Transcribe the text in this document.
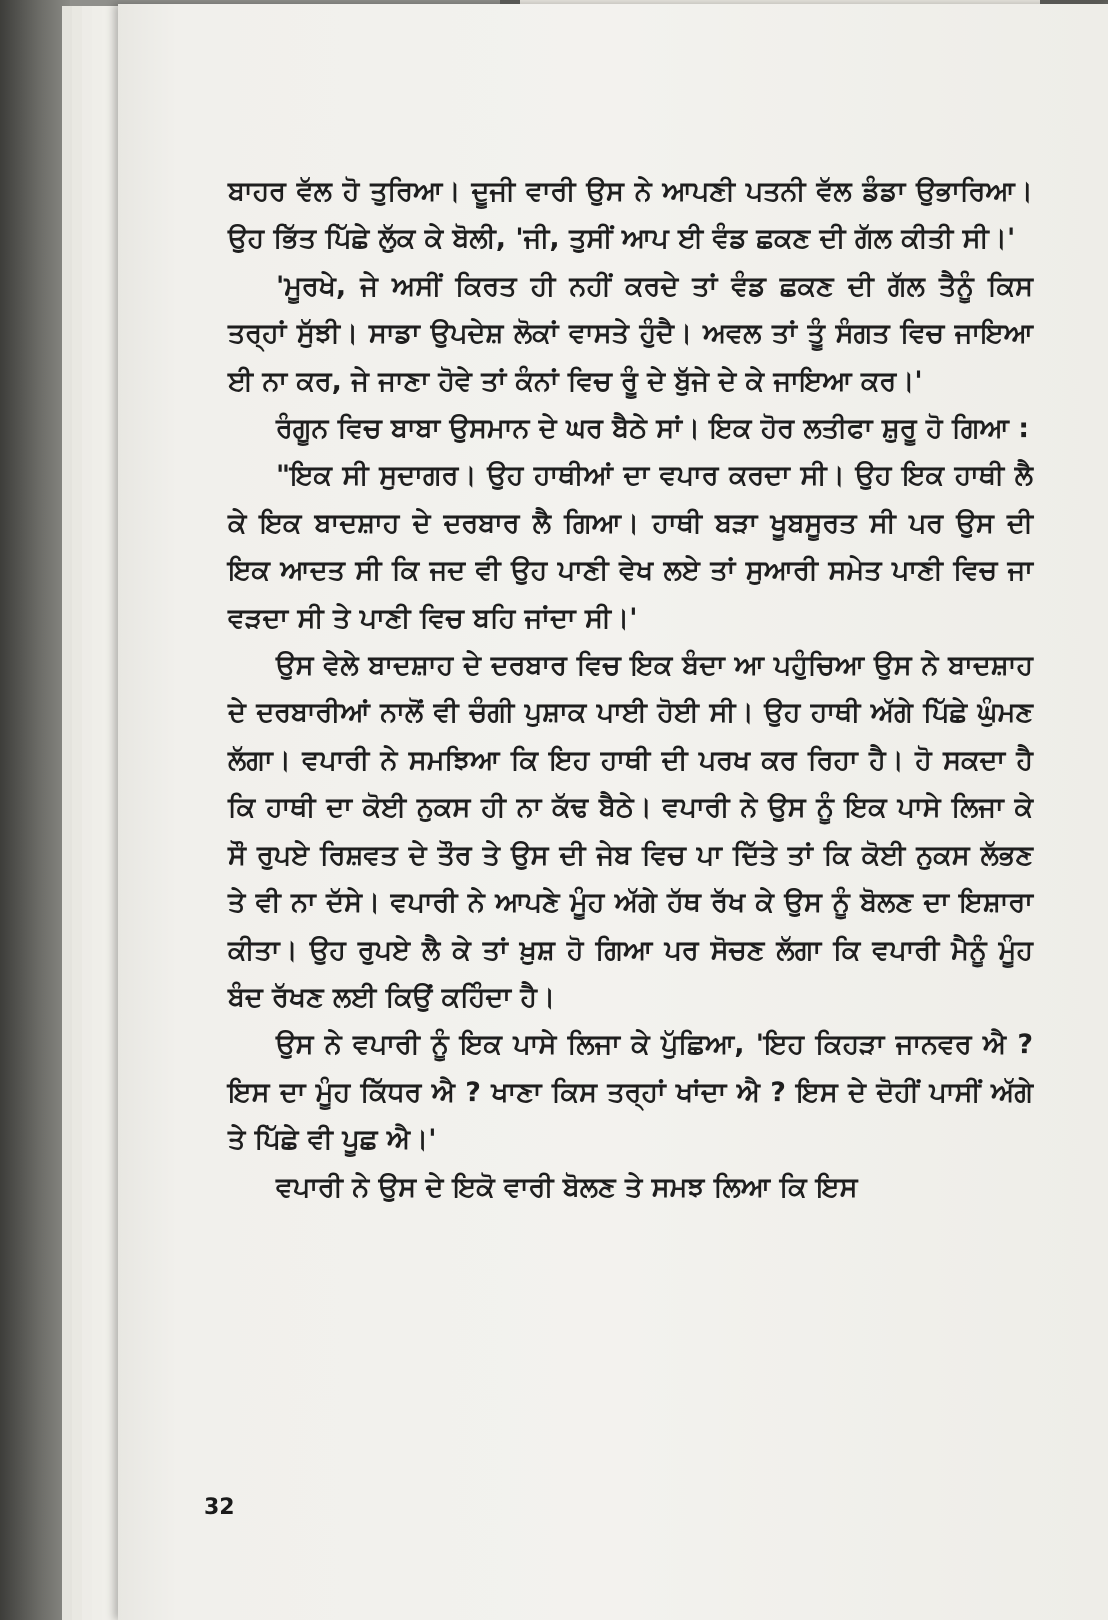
ਬਾਹਰ ਵੱਲ ਹੋ ਤੁਰਿਆ। ਦੂਜੀ ਵਾਰੀ ਉਸ ਨੇ ਆਪਣੀ ਪਤਨੀ ਵੱਲ ਡੰਡਾ ਉਭਾਰਿਆ। ਉਹ ਭਿੱਤ ਪਿੱਛੇ ਲੁੱਕ ਕੇ ਬੋਲੀ, 'ਜੀ, ਤੁਸੀਂ ਆਪ ਈ ਵੰਡ ਛਕਣ ਦੀ ਗੱਲ ਕੀਤੀ ਸੀ।'

'ਮੂਰਖੇ, ਜੇ ਅਸੀਂ ਕਿਰਤ ਹੀ ਨਹੀਂ ਕਰਦੇ ਤਾਂ ਵੰਡ ਛਕਣ ਦੀ ਗੱਲ ਤੈਨੂੰ ਕਿਸ ਤਰ੍ਹਾਂ ਸੁੱਝੀ। ਸਾਡਾ ਉਪਦੇਸ਼ ਲੋਕਾਂ ਵਾਸਤੇ ਹੁੰਦੈ। ਅਵਲ ਤਾਂ ਤੂੰ ਸੰਗਤ ਵਿਚ ਜਾਇਆ ਈ ਨਾ ਕਰ, ਜੇ ਜਾਣਾ ਹੋਵੇ ਤਾਂ ਕੰਨਾਂ ਵਿਚ ਰੂੰ ਦੇ ਬੁੱਜੇ ਦੇ ਕੇ ਜਾਇਆ ਕਰ।'

ਰੰਗੂਨ ਵਿਚ ਬਾਬਾ ਉਸਮਾਨ ਦੇ ਘਰ ਬੈਠੇ ਸਾਂ। ਇਕ ਹੋਰ ਲਤੀਫਾ ਸ਼ੁਰੂ ਹੋ ਗਿਆ :

"ਇਕ ਸੀ ਸੁਦਾਗਰ। ਉਹ ਹਾਥੀਆਂ ਦਾ ਵਪਾਰ ਕਰਦਾ ਸੀ। ਉਹ ਇਕ ਹਾਥੀ ਲੈ ਕੇ ਇਕ ਬਾਦਸ਼ਾਹ ਦੇ ਦਰਬਾਰ ਲੈ ਗਿਆ। ਹਾਥੀ ਬੜਾ ਖੂਬਸੂਰਤ ਸੀ ਪਰ ਉਸ ਦੀ ਇਕ ਆਦਤ ਸੀ ਕਿ ਜਦ ਵੀ ਉਹ ਪਾਣੀ ਵੇਖ ਲਏ ਤਾਂ ਸੁਆਰੀ ਸਮੇਤ ਪਾਣੀ ਵਿਚ ਜਾ ਵੜਦਾ ਸੀ ਤੇ ਪਾਣੀ ਵਿਚ ਬਹਿ ਜਾਂਦਾ ਸੀ।'

ਉਸ ਵੇਲੇ ਬਾਦਸ਼ਾਹ ਦੇ ਦਰਬਾਰ ਵਿਚ ਇਕ ਬੰਦਾ ਆ ਪਹੁੰਚਿਆ ਉਸ ਨੇ ਬਾਦਸ਼ਾਹ ਦੇ ਦਰਬਾਰੀਆਂ ਨਾਲੋਂ ਵੀ ਚੰਗੀ ਪੁਸ਼ਾਕ ਪਾਈ ਹੋਈ ਸੀ। ਉਹ ਹਾਥੀ ਅੱਗੇ ਪਿੱਛੇ ਘੁੰਮਣ ਲੱਗਾ। ਵਪਾਰੀ ਨੇ ਸਮਝਿਆ ਕਿ ਇਹ ਹਾਥੀ ਦੀ ਪਰਖ ਕਰ ਰਿਹਾ ਹੈ। ਹੋ ਸਕਦਾ ਹੈ ਕਿ ਹਾਥੀ ਦਾ ਕੋਈ ਨੁਕਸ ਹੀ ਨਾ ਕੱਢ ਬੈਠੇ। ਵਪਾਰੀ ਨੇ ਉਸ ਨੂੰ ਇਕ ਪਾਸੇ ਲਿਜਾ ਕੇ ਸੌ ਰੁਪਏ ਰਿਸ਼ਵਤ ਦੇ ਤੌਰ ਤੇ ਉਸ ਦੀ ਜੇਬ ਵਿਚ ਪਾ ਦਿੱਤੇ ਤਾਂ ਕਿ ਕੋਈ ਨੁਕਸ ਲੱਭਣ ਤੇ ਵੀ ਨਾ ਦੱਸੇ। ਵਪਾਰੀ ਨੇ ਆਪਣੇ ਮੂੰਹ ਅੱਗੇ ਹੱਥ ਰੱਖ ਕੇ ਉਸ ਨੂੰ ਬੋਲਣ ਦਾ ਇਸ਼ਾਰਾ ਕੀਤਾ। ਉਹ ਰੁਪਏ ਲੈ ਕੇ ਤਾਂ ਖ਼ੁਸ਼ ਹੋ ਗਿਆ ਪਰ ਸੋਚਣ ਲੱਗਾ ਕਿ ਵਪਾਰੀ ਮੈਨੂੰ ਮੂੰਹ ਬੰਦ ਰੱਖਣ ਲਈ ਕਿਉਂ ਕਹਿੰਦਾ ਹੈ।

ਉਸ ਨੇ ਵਪਾਰੀ ਨੂੰ ਇਕ ਪਾਸੇ ਲਿਜਾ ਕੇ ਪੁੱਛਿਆ, 'ਇਹ ਕਿਹੜਾ ਜਾਨਵਰ ਐ ? ਇਸ ਦਾ ਮੂੰਹ ਕਿੱਧਰ ਐ ? ਖਾਣਾ ਕਿਸ ਤਰ੍ਹਾਂ ਖਾਂਦਾ ਐ ? ਇਸ ਦੇ ਦੋਹੀਂ ਪਾਸੀਂ ਅੱਗੇ ਤੇ ਪਿੱਛੇ ਵੀ ਪੂਛ ਐ।'

ਵਪਾਰੀ ਨੇ ਉਸ ਦੇ ਇਕੋ ਵਾਰੀ ਬੋਲਣ ਤੇ ਸਮਝ ਲਿਆ ਕਿ ਇਸ

32
